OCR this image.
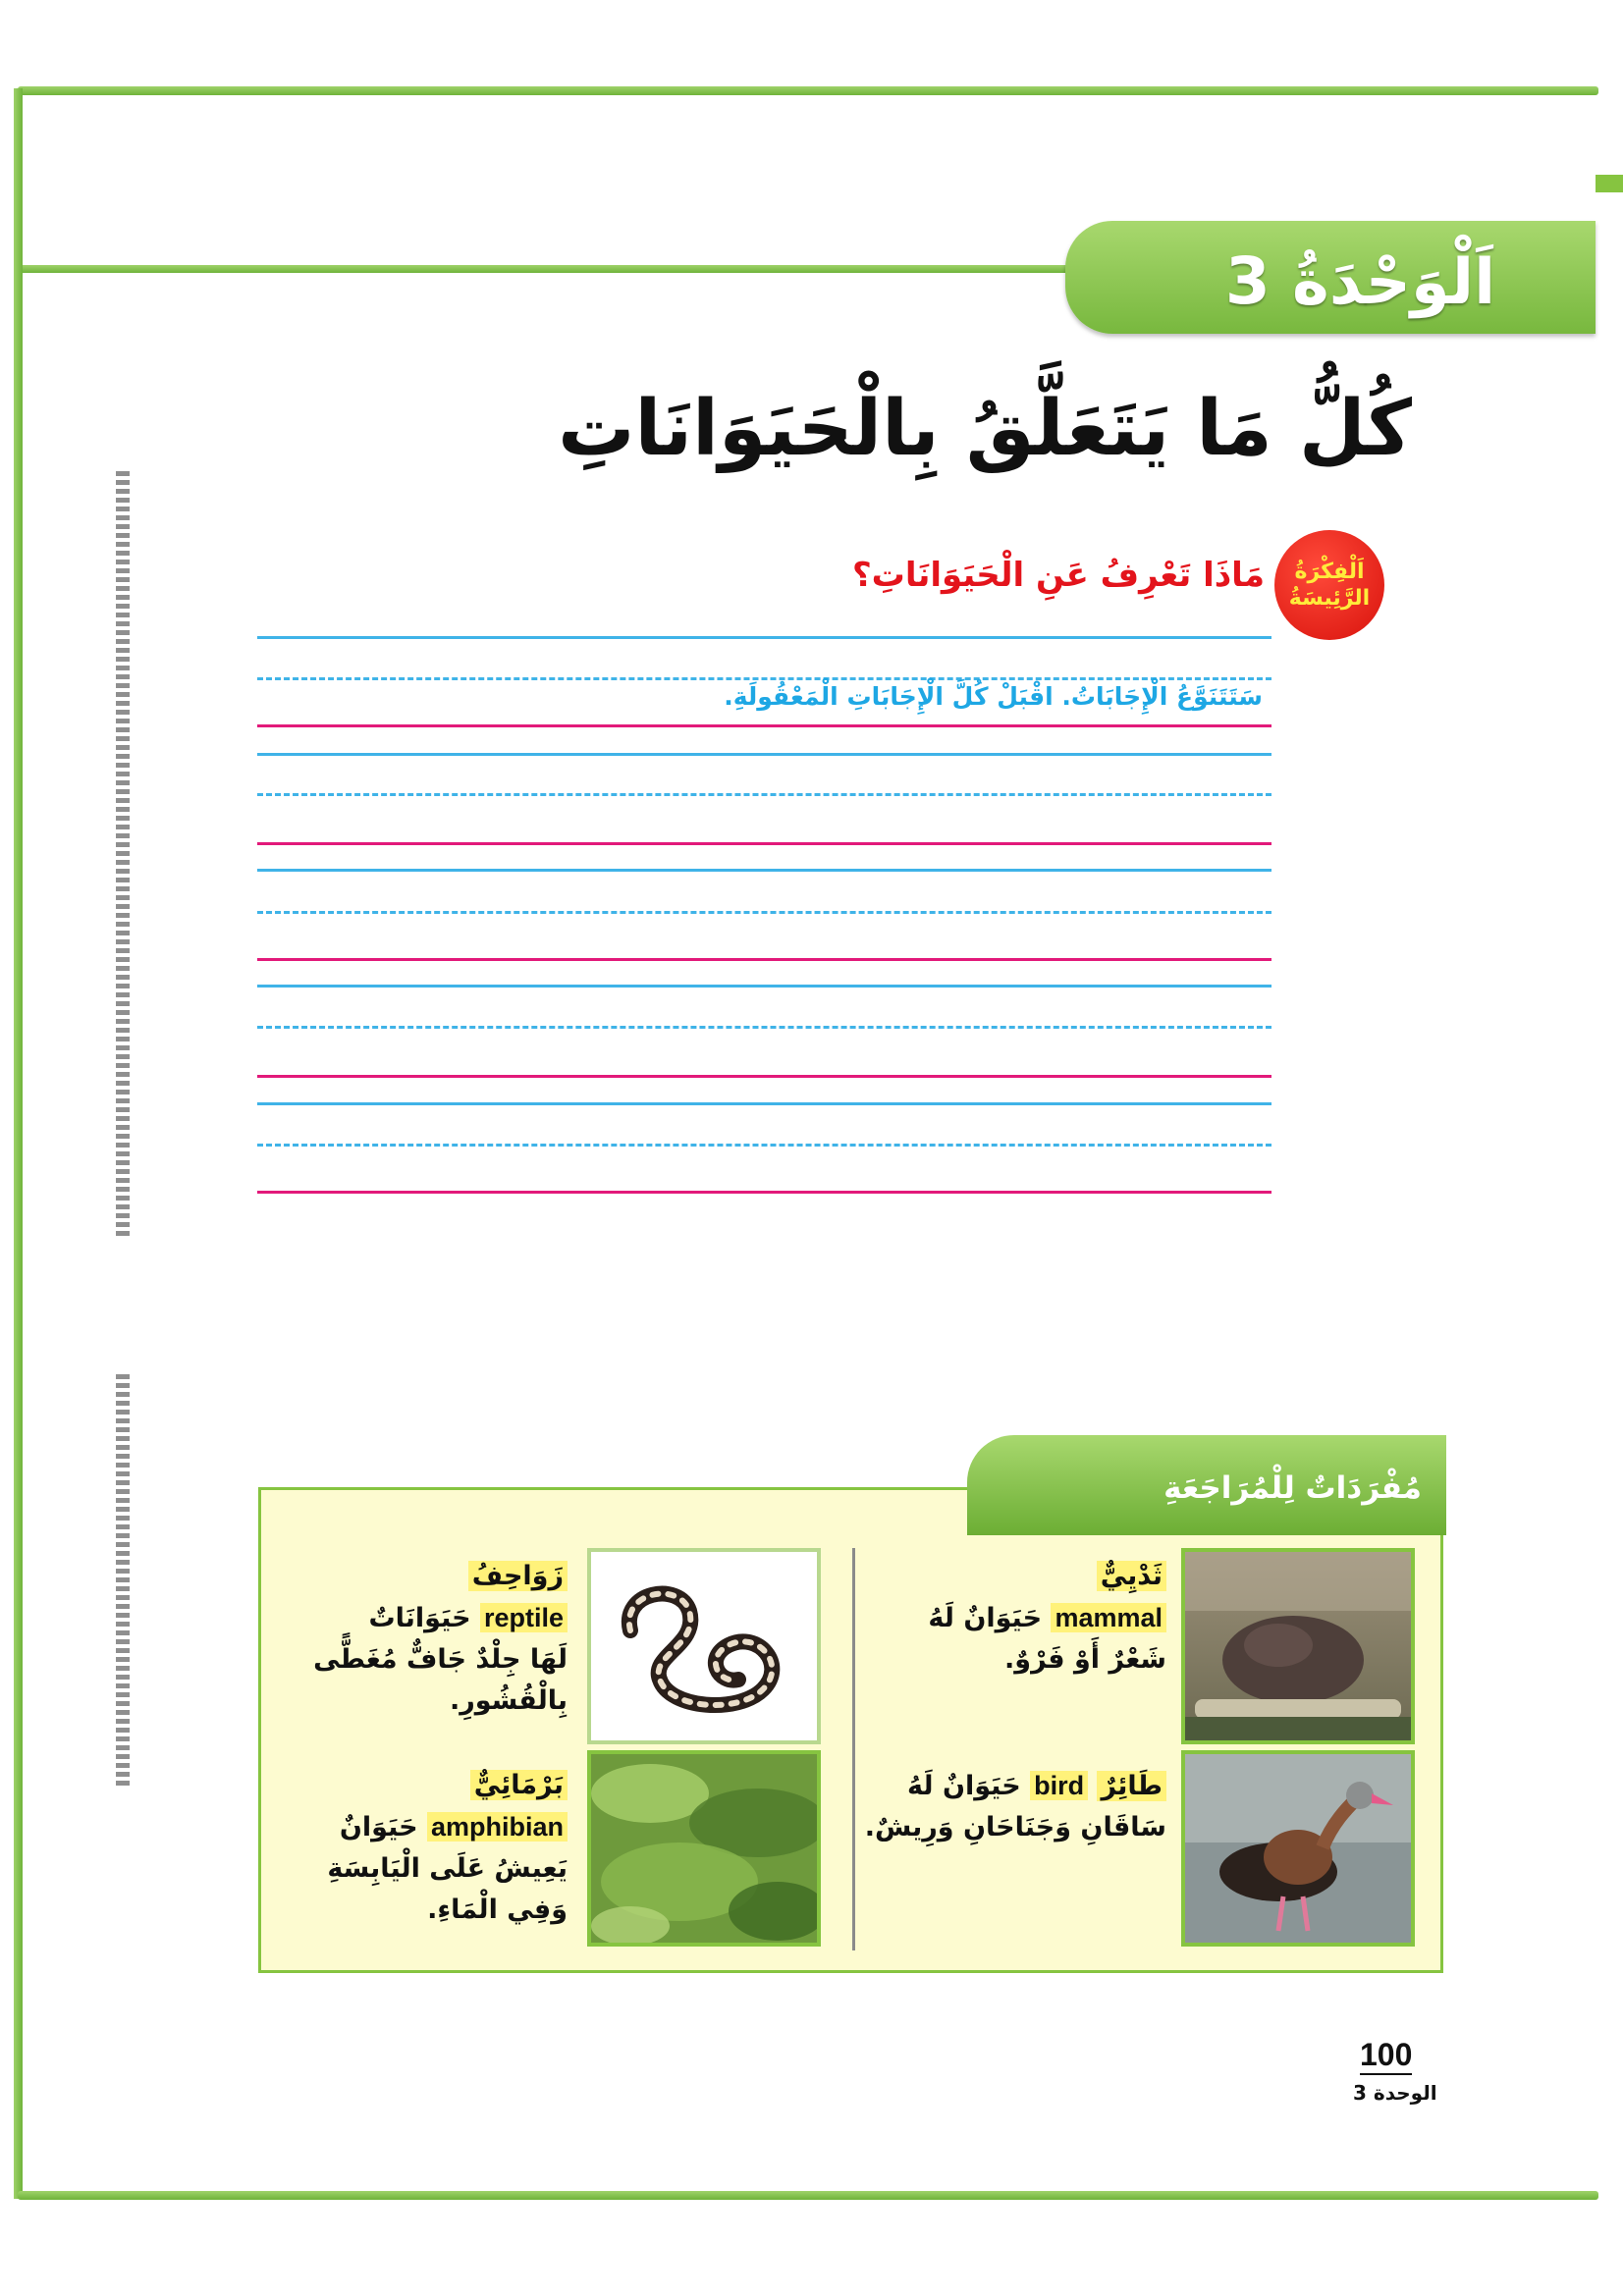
اَلْوَحْدَةُ 3
كُلُّ مَا يَتَعَلَّقُ بِالْحَيَوَانَاتِ
اَلْفِكْرَةُ
الرَّئِيسَةُ
مَاذَا تَعْرِفُ عَنِ الْحَيَوَانَاتِ؟
سَتَتَنَوَّعُ الْإِجَابَاتُ. اقْبَلْ كُلَّ الْإِجَابَاتِ الْمَعْقُولَةِ.
مُفْرَدَاتٌ لِلْمُرَاجَعَةِ
ثَدْيِيٌّ
mammal حَيَوَانٌ لَهُ
شَعْرٌ أَوْ فَرْوٌ.
زَوَاحِفُ
reptile حَيَوَانَاتٌ
لَهَا جِلْدٌ جَافٌّ مُغَطًّى
بِالْقُشُورِ.
طَائِرٌ bird حَيَوَانٌ لَهُ
سَاقَانِ وَجَنَاحَانِ وَرِيشٌ.
بَرْمَائِيٌّ
amphibian حَيَوَانٌ
يَعِيشُ عَلَى الْيَابِسَةِ
وَفِي الْمَاءِ.
100
الوحدة 3
